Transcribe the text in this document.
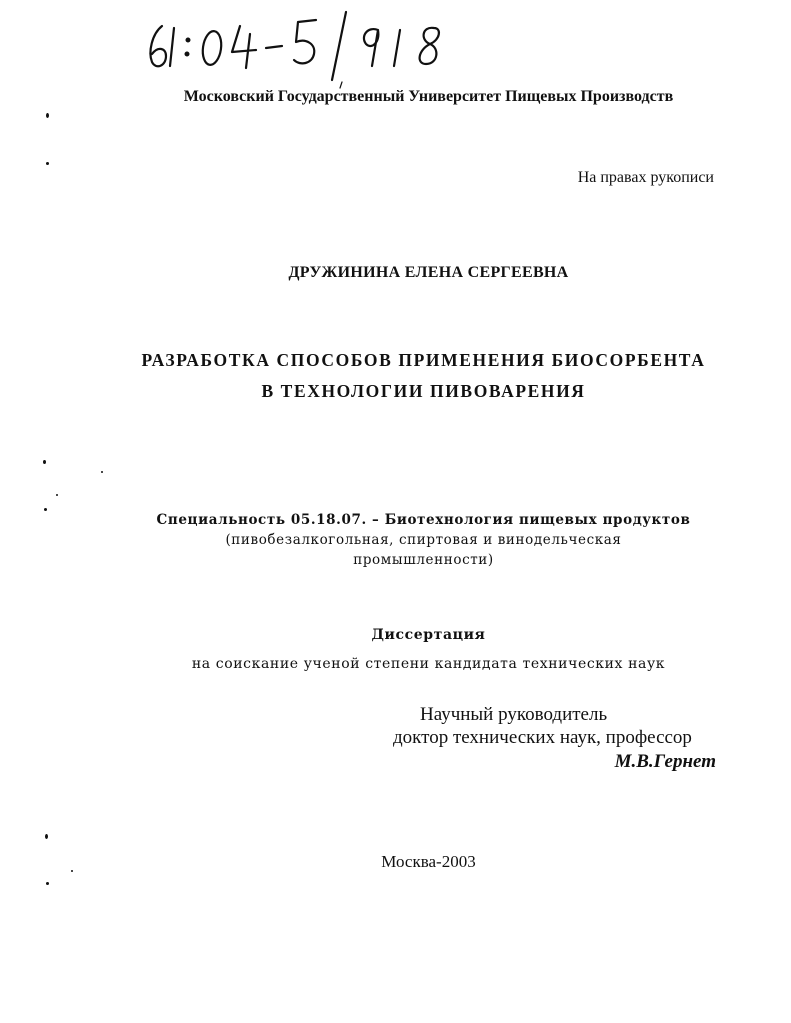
Московский Государственный Университет Пищевых Производств
На правах рукописи
ДРУЖИНИНА ЕЛЕНА СЕРГЕЕВНА
РАЗРАБОТКА СПОСОБОВ ПРИМЕНЕНИЯ БИОСОРБЕНТА
В ТЕХНОЛОГИИ ПИВОВАРЕНИЯ
Специальность 05.18.07. – Биотехнология пищевых продуктов
(пивобезалкогольная, спиртовая и винодельческая
промышленности)
Диссертация
на соискание ученой степени кандидата технических наук
Научный руководитель
доктор технических наук, профессор
М.В.Гернет
Москва-2003
